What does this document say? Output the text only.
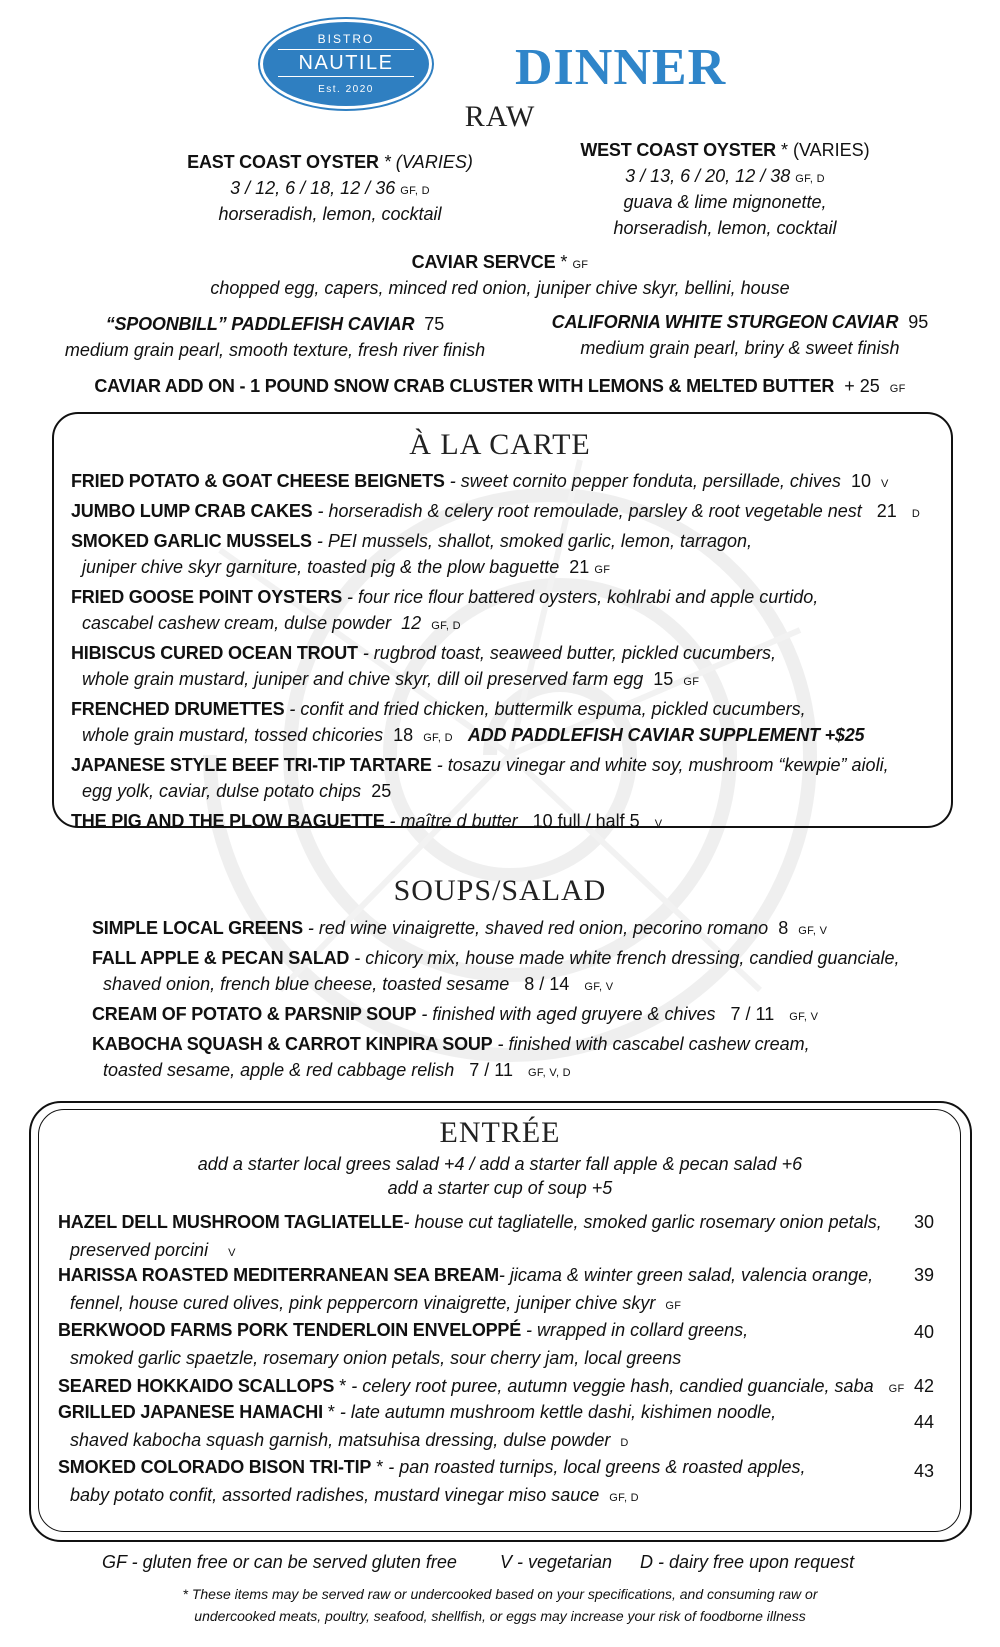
BISTRO
NAUTILE
Est. 2020	DINNER
RAW
EAST COAST OYSTER * (VARIES)
3 / 12, 6 / 18, 12 / 36 GF, D
horseradish, lemon, cocktail
WEST COAST OYSTER * (VARIES)
3 / 13, 6 / 20, 12 / 38 GF, D
guava & lime mignonette,
horseradish, lemon, cocktail
CAVIAR SERVCE * GF
chopped egg, capers, minced red onion, juniper chive skyr, bellini, house
“SPOONBILL” PADDLEFISH CAVIAR 75
medium grain pearl, smooth texture, fresh river finish
CALIFORNIA WHITE STURGEON CAVIAR 95
medium grain pearl, briny & sweet finish
CAVIAR ADD ON - 1 POUND SNOW CRAB CLUSTER WITH LEMONS & MELTED BUTTER + 25 GF
À LA CARTE
FRIED POTATO & GOAT CHEESE BEIGNETS - sweet cornito pepper fonduta, persillade, chives 10 V
JUMBO LUMP CRAB CAKES - horseradish & celery root remoulade, parsley & root vegetable nest 21 D
SMOKED GARLIC MUSSELS - PEI mussels, shallot, smoked garlic, lemon, tarragon,
juniper chive skyr garniture, toasted pig & the plow baguette 21 GF
FRIED GOOSE POINT OYSTERS - four rice flour battered oysters, kohlrabi and apple curtido,
cascabel cashew cream, dulse powder 12 GF, D
HIBISCUS CURED OCEAN TROUT - rugbrod toast, seaweed butter, pickled cucumbers,
whole grain mustard, juniper and chive skyr, dill oil preserved farm egg 15 GF
FRENCHED DRUMETTES - confit and fried chicken, buttermilk espuma, pickled cucumbers,
whole grain mustard, tossed chicories 18 GF, D ADD PADDLEFISH CAVIAR SUPPLEMENT +$25
JAPANESE STYLE BEEF TRI-TIP TARTARE - tosazu vinegar and white soy, mushroom “kewpie” aioli,
egg yolk, caviar, dulse potato chips 25
THE PIG AND THE PLOW BAGUETTE - maître d butter 10 full / half 5 V
SOUPS/SALAD
SIMPLE LOCAL GREENS - red wine vinaigrette, shaved red onion, pecorino romano 8 GF, V
FALL APPLE & PECAN SALAD - chicory mix, house made white french dressing, candied guanciale,
shaved onion, french blue cheese, toasted sesame 8 / 14 GF, V
CREAM OF POTATO & PARSNIP SOUP - finished with aged gruyere & chives 7 / 11 GF, V
KABOCHA SQUASH & CARROT KINPIRA SOUP - finished with cascabel cashew cream,
toasted sesame, apple & red cabbage relish 7 / 11 GF, V, D
ENTRÉE
add a starter local grees salad +4 / add a starter fall apple & pecan salad +6
add a starter cup of soup +5
HAZEL DELL MUSHROOM TAGLIATELLE- house cut tagliatelle, smoked garlic rosemary onion petals,
preserved porcini V
30
HARISSA ROASTED MEDITERRANEAN SEA BREAM- jicama & winter green salad, valencia orange,
fennel, house cured olives, pink peppercorn vinaigrette, juniper chive skyr GF
39
BERKWOOD FARMS PORK TENDERLOIN ENVELOPPÉ - wrapped in collard greens,
smoked garlic spaetzle, rosemary onion petals, sour cherry jam, local greens
40
SEARED HOKKAIDO SCALLOPS * - celery root puree, autumn veggie hash, candied guanciale, saba GF 42
GRILLED JAPANESE HAMACHI * - late autumn mushroom kettle dashi, kishimen noodle,
shaved kabocha squash garnish, matsuhisa dressing, dulse powder D
44
SMOKED COLORADO BISON TRI-TIP * - pan roasted turnips, local greens & roasted apples,
baby potato confit, assorted radishes, mustard vinegar miso sauce GF, D
43
GF - gluten free or can be served gluten free V - vegetarian D - dairy free upon request
* These items may be served raw or undercooked based on your specifications, and consuming raw or
undercooked meats, poultry, seafood, shellfish, or eggs may increase your risk of foodborne illness
